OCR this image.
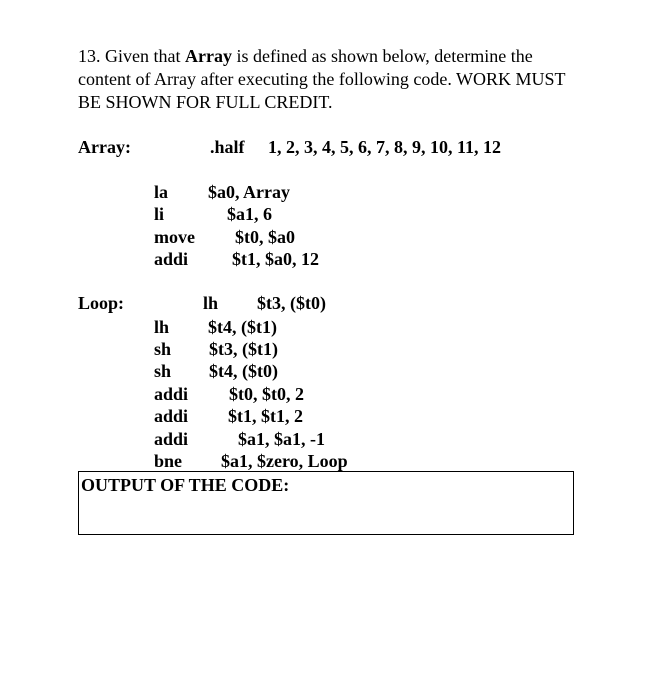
13. Given that Array is defined as shown below, determine the content of Array after executing the following code. WORK MUST BE SHOWN FOR FULL CREDIT.

Array:	.half 1, 2, 3, 4, 5, 6, 7, 8, 9, 10, 11, 12
la $a0, Array
li	$a1, 6
move $t0, $a0
addi $t1, $a0, 12
Loop:	lh $t3, ($t0)
lh $t4, ($t1)
sh $t3, ($t1)
sh $t4, ($t0)
addi $t0, $t0, 2
addi $t1, $t1, 2
addi	$a1, $a1, -1
bne $a1, $zero, Loop
OUTPUT OF THE CODE:
